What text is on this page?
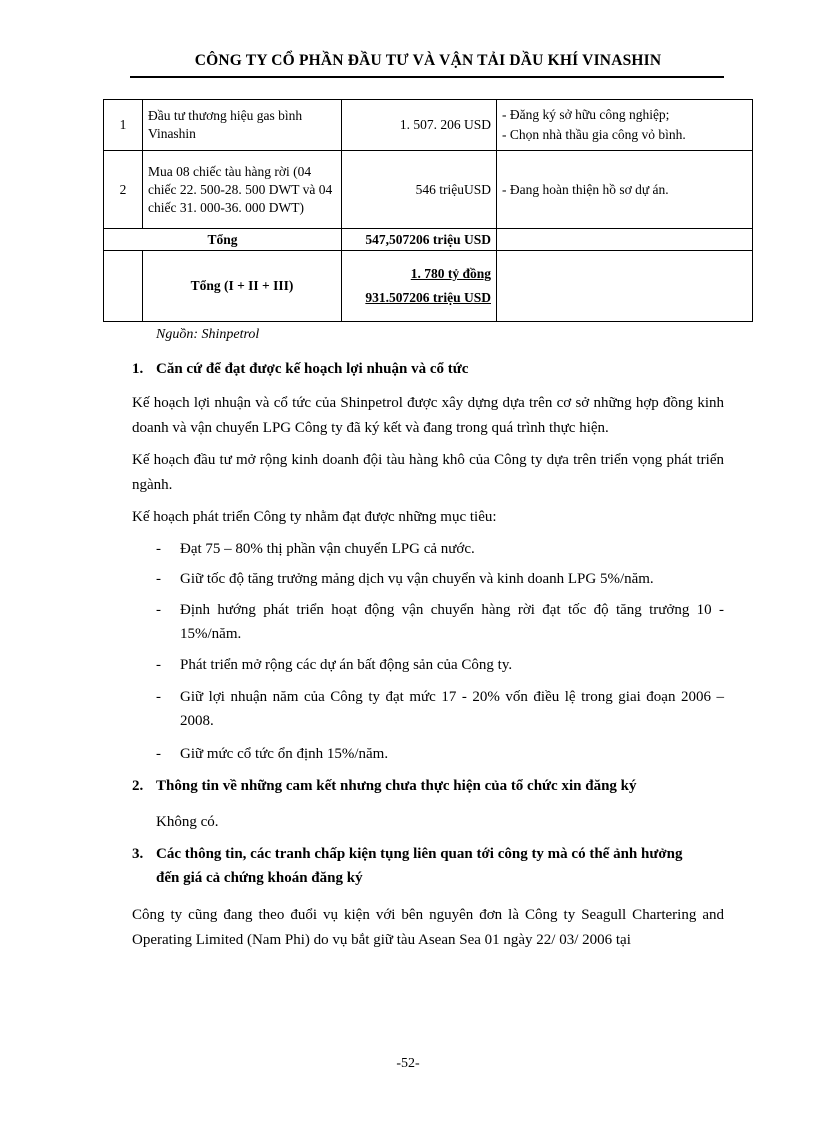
CÔNG TY CỔ PHẦN ĐẦU TƯ VÀ VẬN TẢI DẦU KHÍ VINASHIN
1	Đầu tư thương hiệu gas bình Vinashin	1. 507. 206 USD	- Đăng ký sở hữu công nghiệp;
- Chọn nhà thầu gia công vỏ bình.

2	Mua 08 chiếc tàu hàng rời (04 chiếc 22. 500-28. 500 DWT và 04 chiếc 31. 000-36. 000 DWT)	546 triệuUSD	- Đang hoàn thiện hồ sơ dự án.

Tổng		547,507206 triệu USD	
	Tổng (I + II + III)	1. 780 tỷ đồng
931.507206 triệu USD	

Nguồn: Shinpetrol
1. Căn cứ để đạt được kế hoạch lợi nhuận và cổ tức
Kế hoạch lợi nhuận và cổ tức của Shinpetrol được xây dựng dựa trên cơ sở những hợp đồng kinh doanh và vận chuyển LPG Công ty đã ký kết và đang trong quá trình thực hiện.
Kế hoạch đầu tư mở rộng kinh doanh đội tàu hàng khô của Công ty dựa trên triển vọng phát triển ngành.
Kế hoạch phát triển Công ty nhằm đạt được những mục tiêu:
- Đạt 75 – 80% thị phần vận chuyển LPG cả nước.
- Giữ tốc độ tăng trưởng mảng dịch vụ vận chuyển và kinh doanh LPG 5%/năm.
- Định hướng phát triển hoạt động vận chuyển hàng rời đạt tốc độ tăng trưởng 10 - 15%/năm.
- Phát triển mở rộng các dự án bất động sản của Công ty.
- Giữ lợi nhuận năm của Công ty đạt mức 17 - 20% vốn điều lệ trong giai đoạn 2006 – 2008.
- Giữ mức cổ tức ổn định 15%/năm.
2. Thông tin về những cam kết nhưng chưa thực hiện của tổ chức xin đăng ký
Không có.
3. Các thông tin, các tranh chấp kiện tụng liên quan tới công ty mà có thể ảnh hưởng
đến giá cả chứng khoán đăng ký
Công ty cũng đang theo đuổi vụ kiện với bên nguyên đơn là Công ty Seagull Chartering and Operating Limited (Nam Phi) do vụ bắt giữ tàu Asean Sea 01 ngày 22/ 03/ 2006 tại
-52-
